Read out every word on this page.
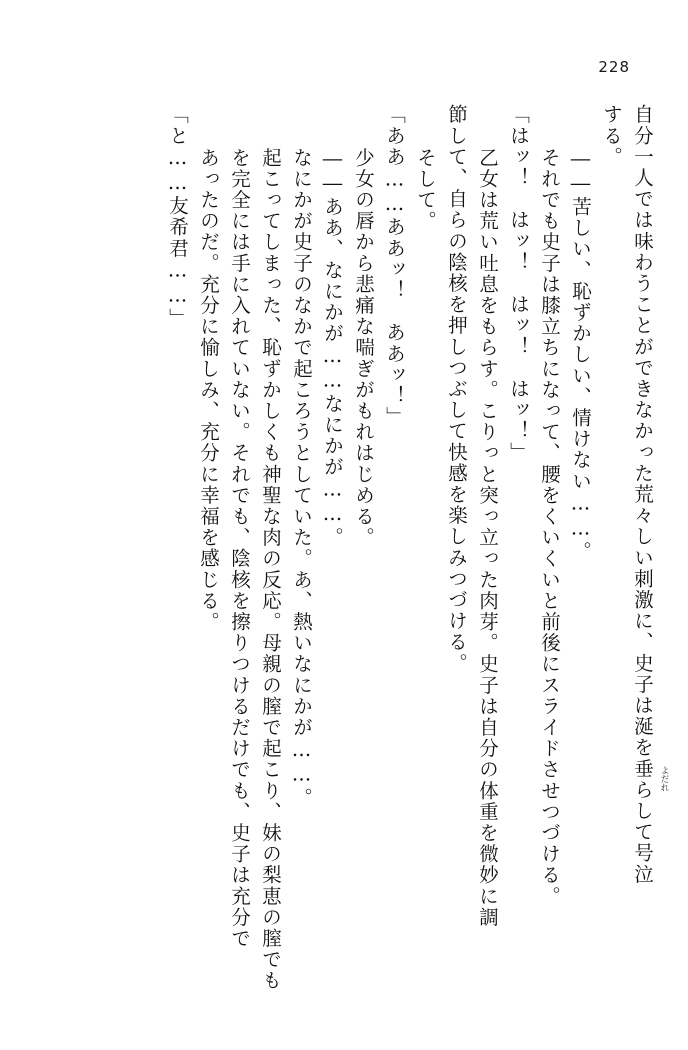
228
自分一人では味わうことができなかった荒々しい刺激に、史子は涎を垂らして号泣
する。
　――苦しい、恥ずかしい、情けない……。
　それでも史子は膝立ちになって、腰をくいくいと前後にスライドさせつづける。
「はッ！　はッ！　はッ！　はッ！」
　乙女は荒い吐息をもらす。こりっと突っ立った肉芽。史子は自分の体重を微妙に調
節して、自らの陰核を押しつぶして快感を楽しみつづける。
　そして。
「ああ……ああッ！　ああッ！」
　少女の唇から悲痛な喘ぎがもれはじめる。
　――ああ、なにかが……なにかが……。
　なにかが史子のなかで起ころうとしていた。あ、熱いなにかが……。
　起こってしまった、恥ずかしくも神聖な肉の反応。母親の膣で起こり、妹の梨恵の膣でも
　を完全には手に入れていない。それでも、陰核を擦りつけるだけでも、史子は充分で
　あったのだ。充分に愉しみ、充分に幸福を感じる。
「と……友希君……」
よだれ
